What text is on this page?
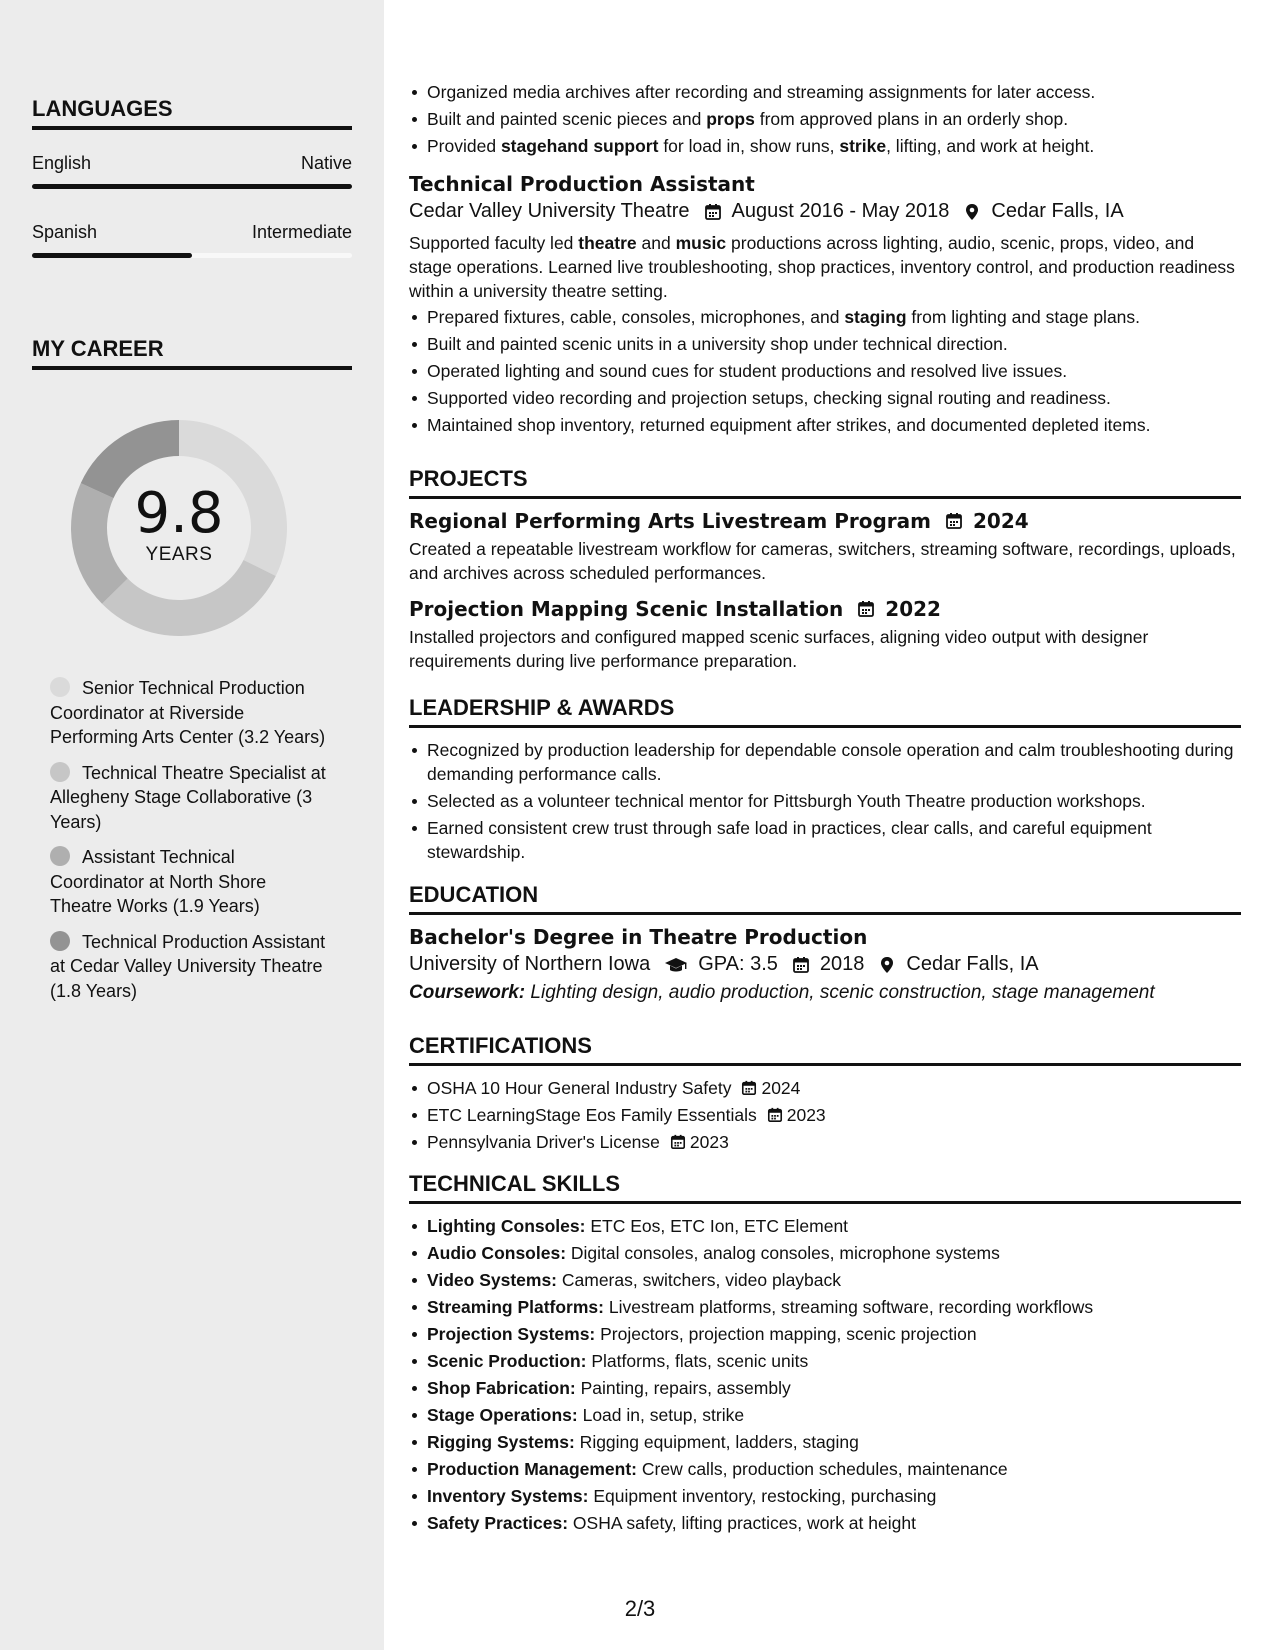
LANGUAGES
English	Native
Spanish	Intermediate
MY CAREER
9.8
YEARS
Senior Technical Production Coordinator at Riverside Performing Arts Center (3.2 Years)
Technical Theatre Specialist at Allegheny Stage Collaborative (3 Years)
Assistant Technical Coordinator at North Shore Theatre Works (1.9 Years)
Technical Production Assistant at Cedar Valley University Theatre (1.8 Years)
Organized media archives after recording and streaming assignments for later access.
Built and painted scenic pieces and props from approved plans in an orderly shop.
Provided stagehand support for load in, show runs, strike, lifting, and work at height.
Technical Production Assistant
Cedar Valley University Theatre August 2016 - May 2018 Cedar Falls, IA
Supported faculty led theatre and music productions across lighting, audio, scenic, props, video, and stage operations. Learned live troubleshooting, shop practices, inventory control, and production readiness within a university theatre setting.
Prepared fixtures, cable, consoles, microphones, and staging from lighting and stage plans.
Built and painted scenic units in a university shop under technical direction.
Operated lighting and sound cues for student productions and resolved live issues.
Supported video recording and projection setups, checking signal routing and readiness.
Maintained shop inventory, returned equipment after strikes, and documented depleted items.
PROJECTS
Regional Performing Arts Livestream Program 2024
Created a repeatable livestream workflow for cameras, switchers, streaming software, recordings, uploads, and archives across scheduled performances.
Projection Mapping Scenic Installation 2022
Installed projectors and configured mapped scenic surfaces, aligning video output with designer requirements during live performance preparation.
LEADERSHIP & AWARDS
Recognized by production leadership for dependable console operation and calm troubleshooting during demanding performance calls.
Selected as a volunteer technical mentor for Pittsburgh Youth Theatre production workshops.
Earned consistent crew trust through safe load in practices, clear calls, and careful equipment stewardship.
EDUCATION
Bachelor's Degree in Theatre Production
University of Northern Iowa GPA: 3.5 2018 Cedar Falls, IA
Coursework: Lighting design, audio production, scenic construction, stage management
CERTIFICATIONS
OSHA 10 Hour General Industry Safety 2024
ETC LearningStage Eos Family Essentials 2023
Pennsylvania Driver's License 2023
TECHNICAL SKILLS
Lighting Consoles: ETC Eos, ETC Ion, ETC Element
Audio Consoles: Digital consoles, analog consoles, microphone systems
Video Systems: Cameras, switchers, video playback
Streaming Platforms: Livestream platforms, streaming software, recording workflows
Projection Systems: Projectors, projection mapping, scenic projection
Scenic Production: Platforms, flats, scenic units
Shop Fabrication: Painting, repairs, assembly
Stage Operations: Load in, setup, strike
Rigging Systems: Rigging equipment, ladders, staging
Production Management: Crew calls, production schedules, maintenance
Inventory Systems: Equipment inventory, restocking, purchasing
Safety Practices: OSHA safety, lifting practices, work at height
2/3
